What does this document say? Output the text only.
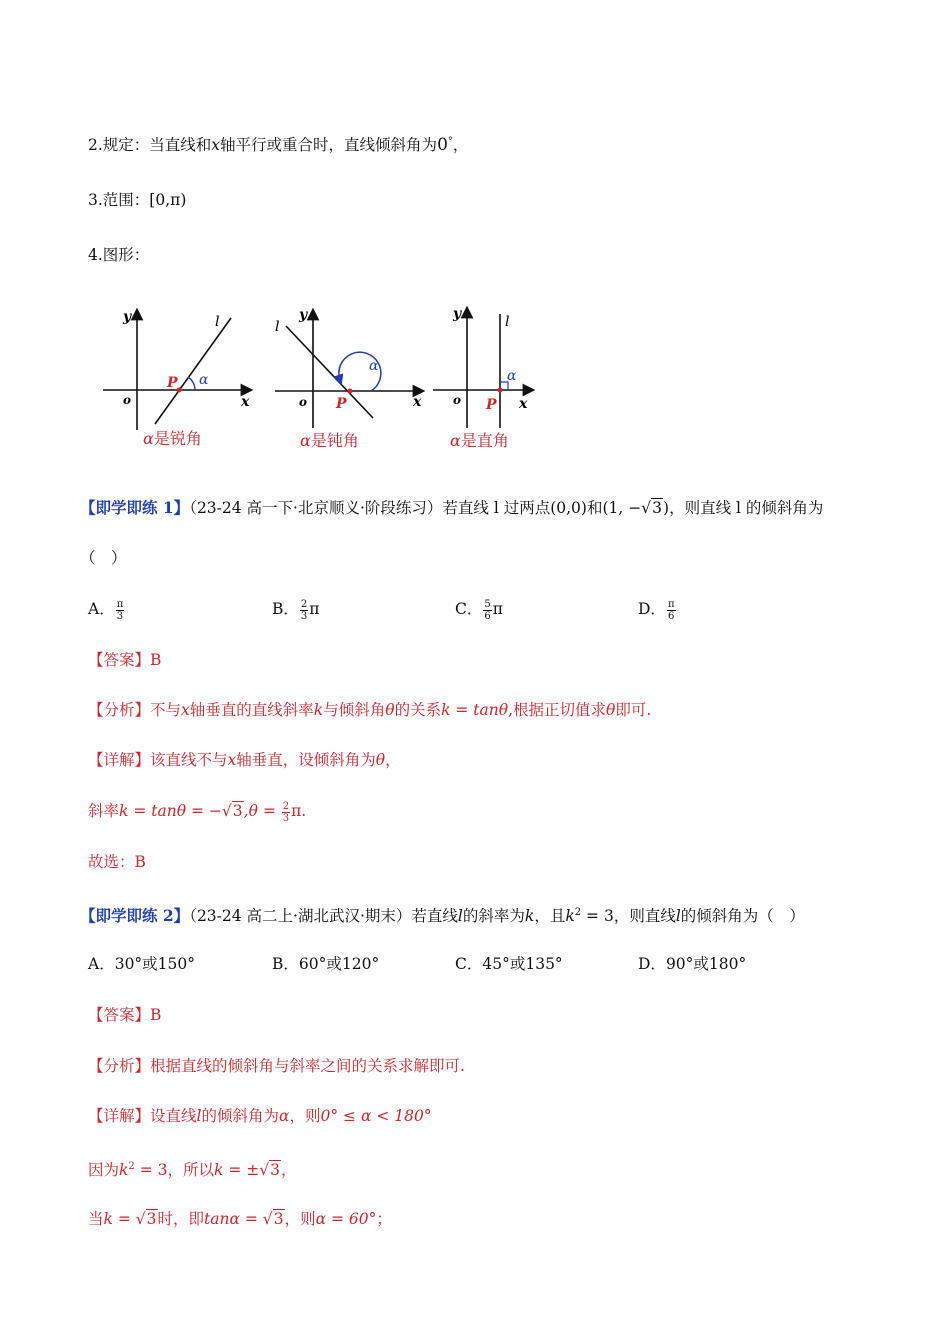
2.规定：当直线和x轴平行或重合时，直线倾斜角为0°，
3.范围：[0,π)
4.图形：
y
x
o
l
P α
α是锐角
y
x
o
l
P
α
α是钝角
y
x
o
l
P
α
α是直角
【即学即练 1】（23-24 高一下·北京顺义·阶段练习）若直线 l 过两点(0,0)和(1, −√3)，则直线 l 的倾斜角为
（　）
A． $\frac{\pi}{3}$	B． $\frac{2}{3}$ π	C． $\frac{5}{6}$ π	D． $\frac{\pi}{6}$
【答案】B
【分析】不与x轴垂直的直线斜率k与倾斜角θ的关系k = tanθ,根据正切值求θ即可.
【详解】该直线不与x轴垂直，设倾斜角为θ，
斜率$k = \tan\theta = -√3,\theta = \frac{2}{3} \pi$.
故选：B
【即学即练 2】（23-24 高二上·湖北武汉·期末）若直线l的斜率为k，且$k^2 = 3$，则直线l的倾斜角为（　）
A．30°或150°	B．60°或120°	C．45°或135°	D．90°或180°
【答案】B
【分析】根据直线的倾斜角与斜率之间的关系求解即可.
【详解】设直线l的倾斜角为α，则0° ≤ α < 180°
因为$k^2 = 3$，所以k = ±√3，
当k = √3时，即tanα = √3，则α = 60°；
